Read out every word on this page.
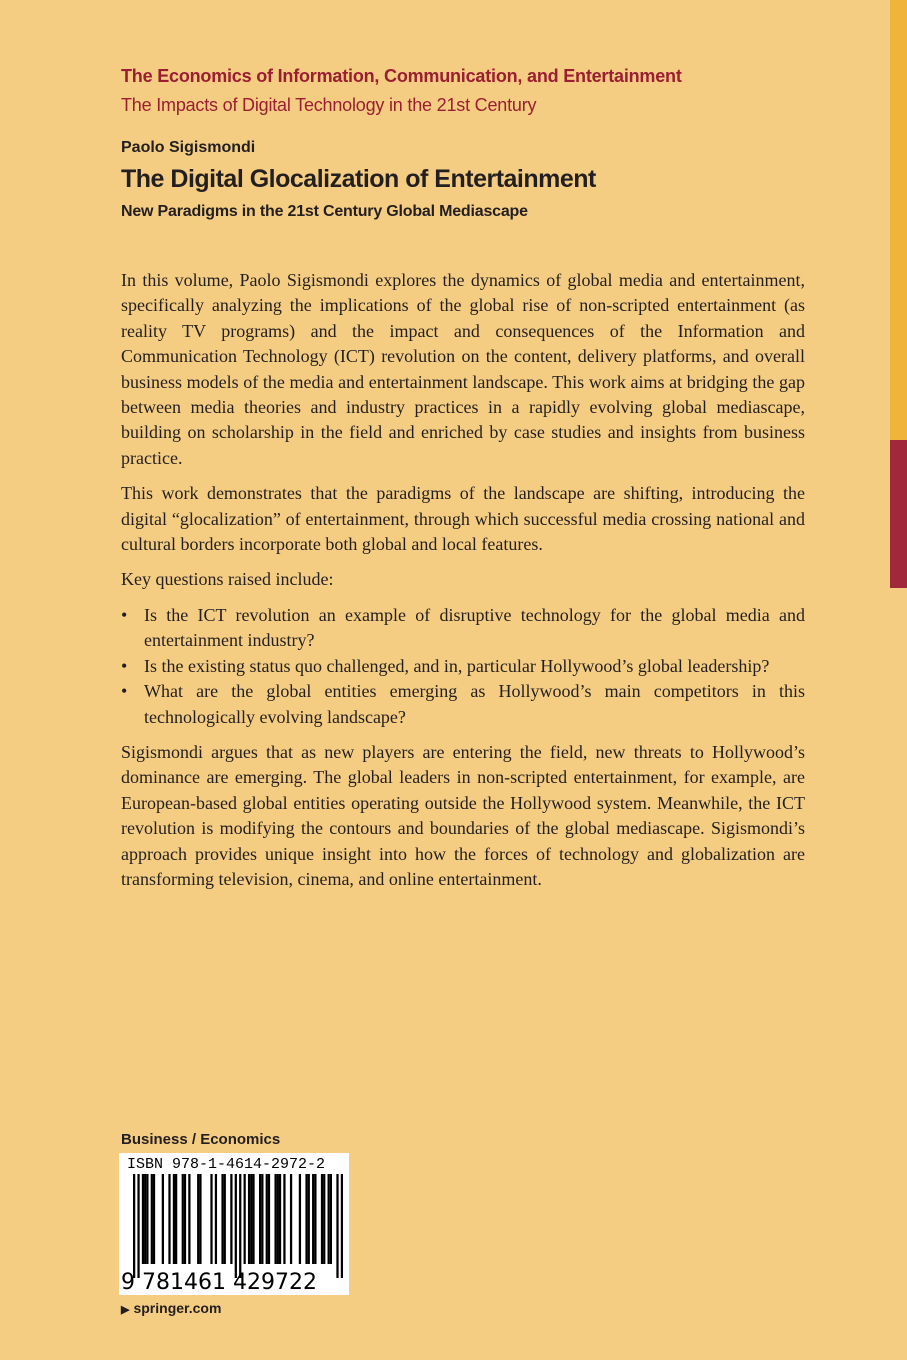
The Economics of Information, Communication, and Entertainment
The Impacts of Digital Technology in the 21st Century
Paolo Sigismondi
The Digital Glocalization of Entertainment
New Paradigms in the 21st Century Global Mediascape

In this volume, Paolo Sigismondi explores the dynamics of global media and entertainment, specifically analyzing the implications of the global rise of non-scripted entertainment (as reality TV programs) and the impact and consequences of the Information and Communication Technology (ICT) revolution on the content, delivery platforms, and overall business models of the media and entertainment landscape. This work aims at bridging the gap between media theories and industry practices in a rapidly evolving global mediascape, building on scholarship in the field and enriched by case studies and insights from business practice.

This work demonstrates that the paradigms of the landscape are shifting, introducing the digital “glocalization” of entertainment, through which successful media crossing national and cultural borders incorporate both global and local features.

Key questions raised include:

• Is the ICT revolution an example of disruptive technology for the global media and entertainment industry?
• Is the existing status quo challenged, and in, particular Hollywood’s global leadership?
• What are the global entities emerging as Hollywood’s main competitors in this technologically evolving landscape?

Sigismondi argues that as new players are entering the field, new threats to Hollywood’s dominance are emerging. The global leaders in non-scripted entertainment, for example, are European-based global entities operating outside the Hollywood system. Meanwhile, the ICT revolution is modifying the contours and boundaries of the global mediascape. Sigismondi’s approach provides unique insight into how the forces of technology and globalization are transforming television, cinema, and online entertainment.

Business / Economics
ISBN 978-1-4614-2972-2
9 781461 429722
▶ springer.com
